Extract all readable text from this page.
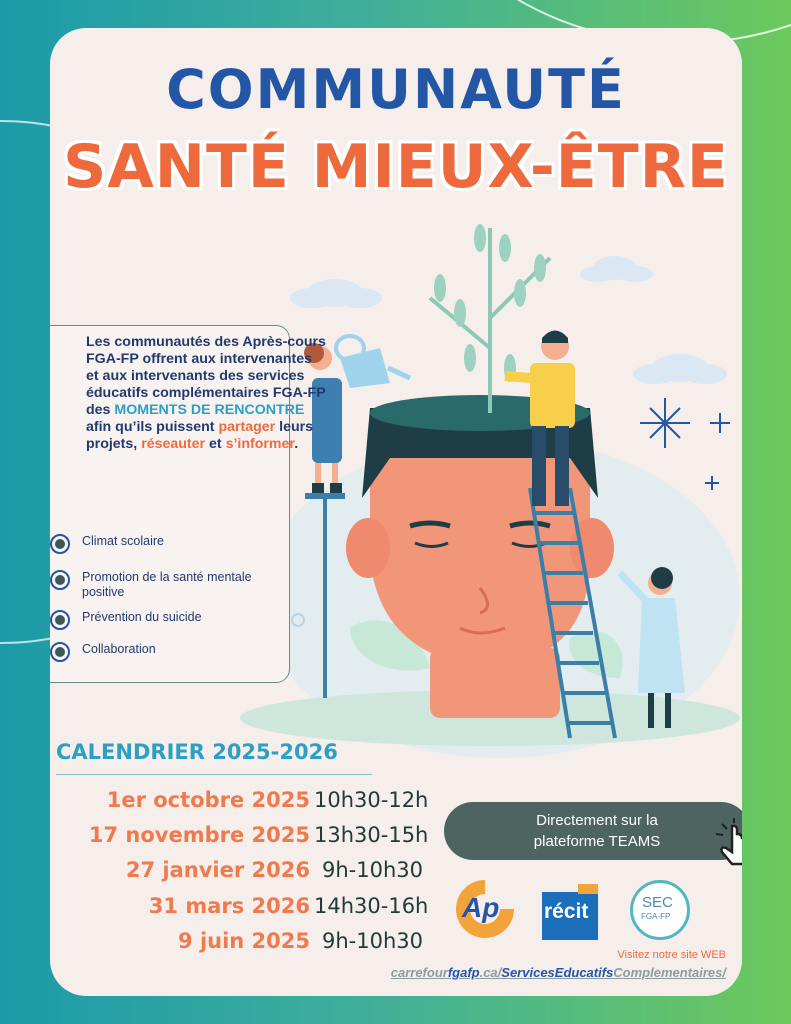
COMMUNAUTÉ
SANTÉ MIEUX-ÊTRE
Les communautés des Après-cours FGA-FP offrent aux intervenantes et aux intervenants des services éducatifs complémentaires FGA-FP des MOMENTS DE RENCONTRE afin qu’ils puissent partager leurs projets, réseauter et s’informer.
Climat scolaire
Promotion de la santé mentale positive
Prévention du suicide
Collaboration
CALENDRIER 2025-2026
1er octobre 2025 10h30-12h
17 novembre 2025 13h30-15h
27 janvier 2026 9h-10h30
31 mars 2026 14h30-16h
9 juin 2025 9h-10h30
Directement sur la
plateforme TEAMS
Ap récit	SEC
FGA-FP
Visitez notre site WEB
carrefourfgafp.ca/ServicesEducatifsComplementaires/
